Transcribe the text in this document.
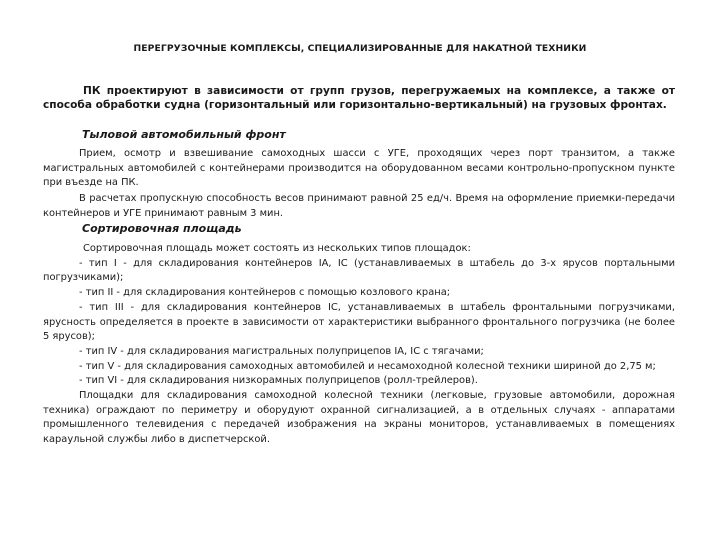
ПЕРЕГРУЗОЧНЫЕ КОМПЛЕКСЫ, СПЕЦИАЛИЗИРОВАННЫЕ ДЛЯ НАКАТНОЙ ТЕХНИКИ

ПК проектируют в зависимости от групп грузов, перегружаемых на комплексе, а также от способа обработки судна (горизонтальный или горизонтально-вертикальный) на грузовых фронтах.

Тыловой автомобильный фронт

Прием, осмотр и взвешивание самоходных шасси с УГЕ, проходящих через порт транзитом, а также магистральных автомобилей с контейнерами производится на оборудованном весами контрольно-пропускном пункте при въезде на ПК.

В расчетах пропускную способность весов принимают равной 25 ед/ч. Время на оформление приемки-передачи контейнеров и УГЕ принимают равным 3 мин.

Сортировочная площадь

Сортировочная площадь может состоять из нескольких типов площадок:

- тип I - для складирования контейнеров IA, IC (устанавливаемых в штабель до 3-х ярусов портальными погрузчиками);

- тип II - для складирования контейнеров с помощью козлового крана;

- тип III - для складирования контейнеров IC, устанавливаемых в штабель фронтальными погрузчиками, ярусность определяется в проекте в зависимости от характеристики выбранного фронтального погрузчика (не более 5 ярусов);

- тип IV - для складирования магистральных полуприцепов IA, IC с тягачами;

- тип V - для складирования самоходных автомобилей и несамоходной колесной техники шириной до 2,75 м;

- тип VI - для складирования низкорамных полуприцепов (ролл-трейлеров).

Площадки для складирования самоходной колесной техники (легковые, грузовые автомобили, дорожная техника) ограждают по периметру и оборудуют охранной сигнализацией, а в отдельных случаях - аппаратами промышленного телевидения с передачей изображения на экраны мониторов, устанавливаемых в помещениях караульной службы либо в диспетчерской.
